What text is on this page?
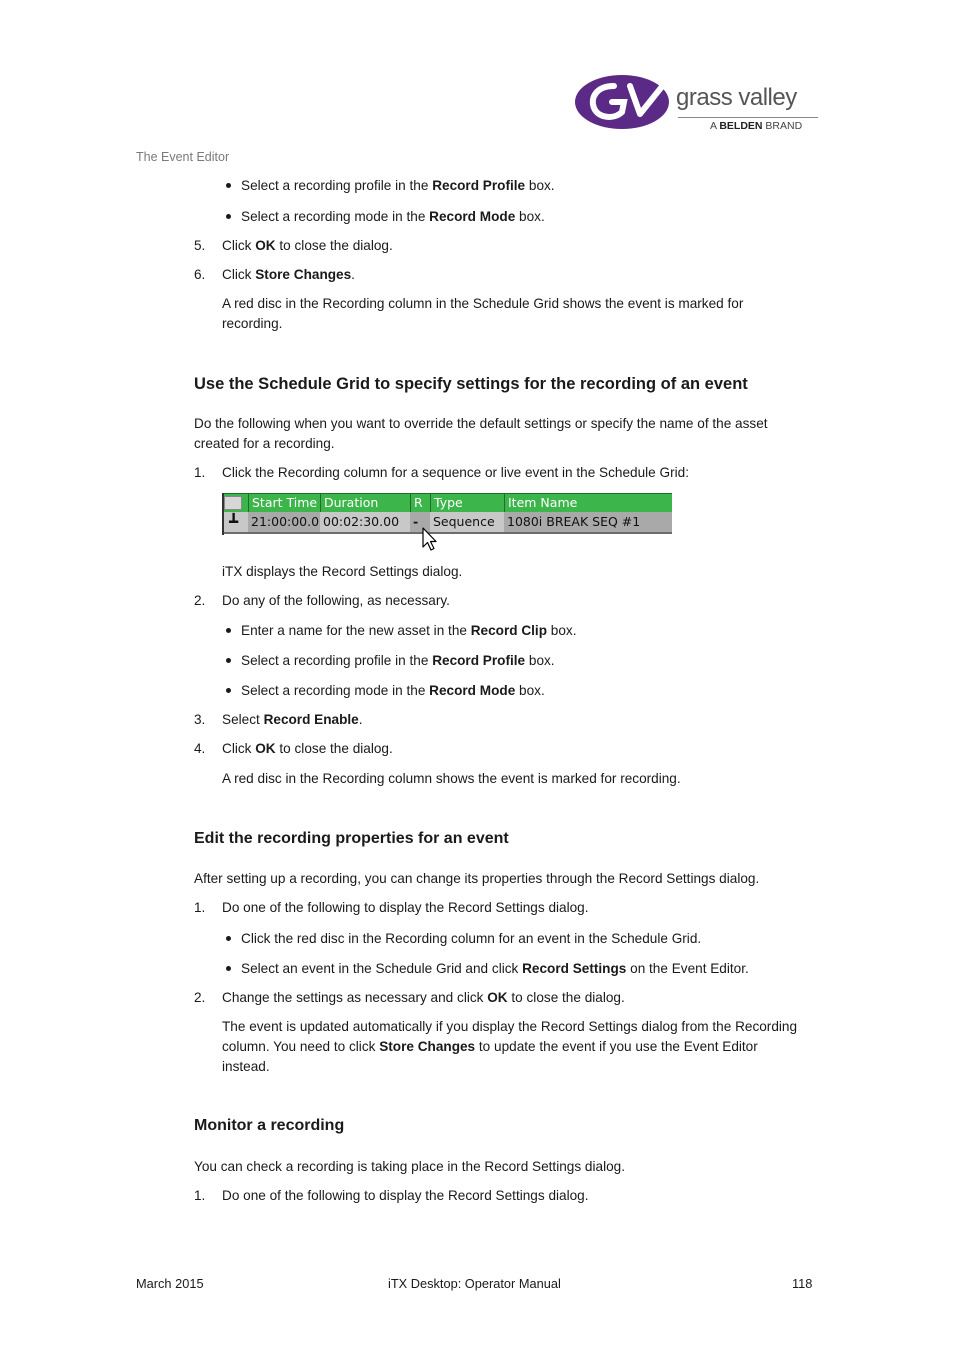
The Event Editor
grass valley
A BELDEN BRAND
Select a recording profile in the Record Profile box.
Select a recording mode in the Record Mode box.
5. Click OK to close the dialog.
6. Click Store Changes.
A red disc in the Recording column in the Schedule Grid shows the event is marked for recording.
Use the Schedule Grid to specify settings for the recording of an event
Do the following when you want to override the default settings or specify the name of the asset created for a recording.
1. Click the Recording column for a sequence or live event in the Schedule Grid:
Start Time Duration	R Type	Item Name
┻	21:00:00.0 00:02:30.00	-	Sequence 1080i BREAK SEQ #1
iTX displays the Record Settings dialog.
2. Do any of the following, as necessary.
Enter a name for the new asset in the Record Clip box.
Select a recording profile in the Record Profile box.
Select a recording mode in the Record Mode box.
3. Select Record Enable.
4. Click OK to close the dialog.
A red disc in the Recording column shows the event is marked for recording.
Edit the recording properties for an event
After setting up a recording, you can change its properties through the Record Settings dialog.
1. Do one of the following to display the Record Settings dialog.
Click the red disc in the Recording column for an event in the Schedule Grid.
Select an event in the Schedule Grid and click Record Settings on the Event Editor.
2. Change the settings as necessary and click OK to close the dialog.
The event is updated automatically if you display the Record Settings dialog from the Recording column. You need to click Store Changes to update the event if you use the Event Editor instead.
Monitor a recording
You can check a recording is taking place in the Record Settings dialog.
1. Do one of the following to display the Record Settings dialog.
March 2015	iTX Desktop: Operator Manual	118
